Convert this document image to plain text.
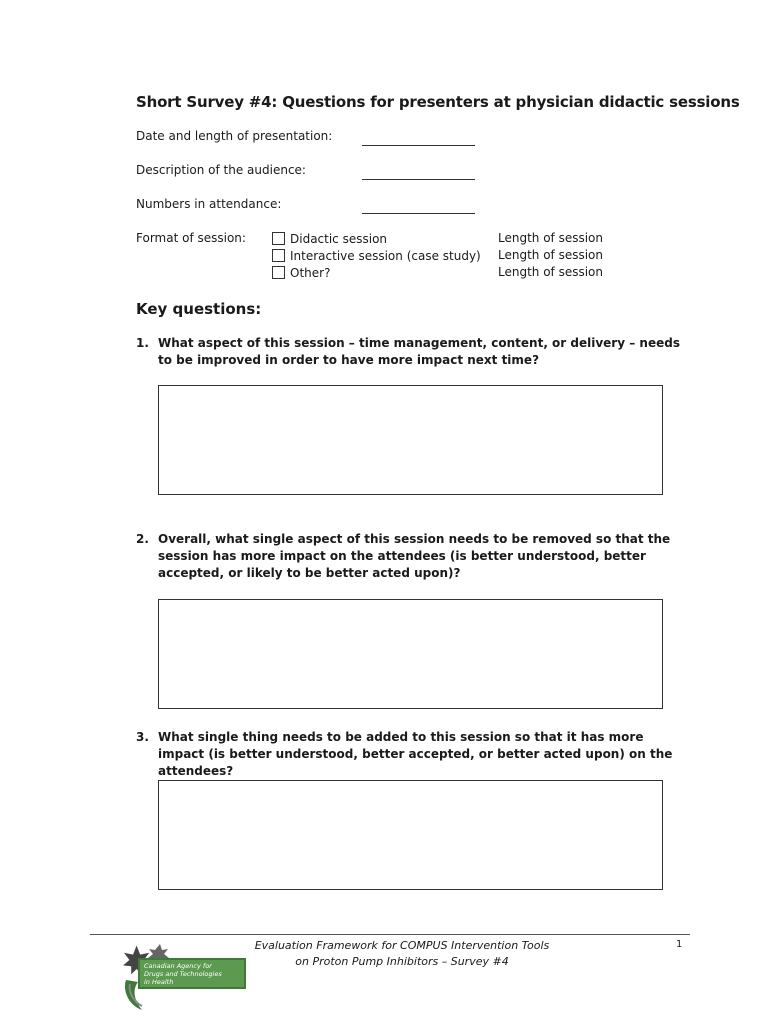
Short Survey #4: Questions for presenters at physician didactic sessions
Date and length of presentation:
Description of the audience:
Numbers in attendance:
Format of session:	Didactic session
Interactive session (case study)
Other?
Length of session
Length of session
Length of session
Key questions:
1. What aspect of this session – time management, content, or delivery – needs to be improved in order to have more impact next time?
2. Overall, what single aspect of this session needs to be removed so that the session has more impact on the attendees (is better understood, better accepted, or likely to be better acted upon)?
3. What single thing needs to be added to this session so that it has more impact (is better understood, better accepted, or better acted upon) on the attendees?
Canadian Agency for
Drugs and Technologies
in Health
Evaluation Framework for COMPUS Intervention Tools
on Proton Pump Inhibitors – Survey #4
1
